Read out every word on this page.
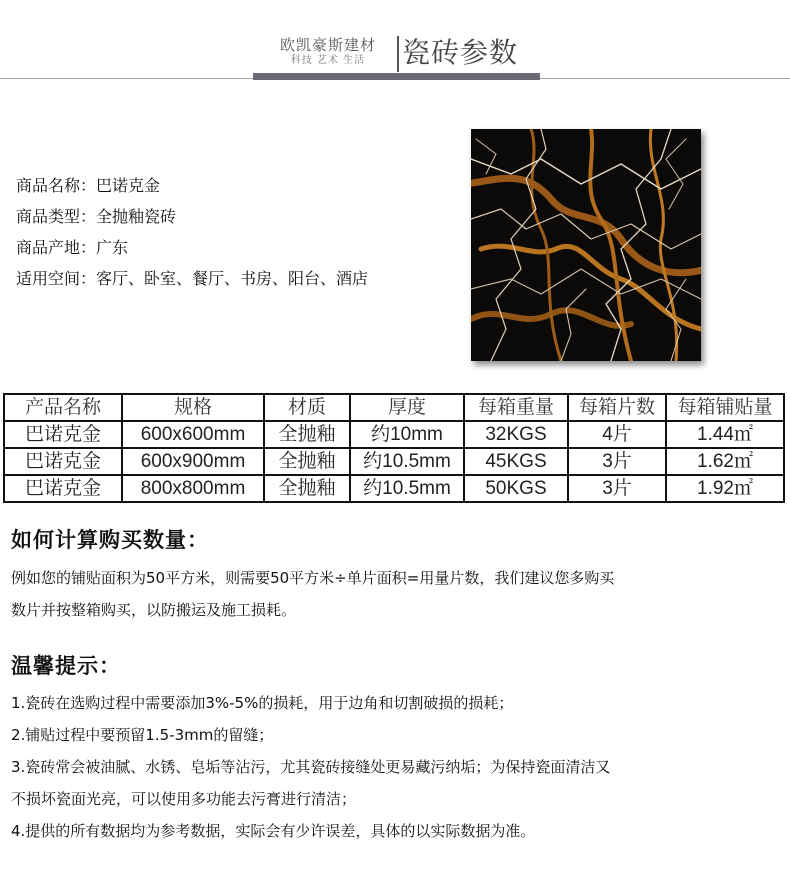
欧凯豪斯建材
科技 艺术 生活	瓷砖参数
商品名称：巴诺克金
商品类型：全抛釉瓷砖
商品产地：广东
适用空间：客厅、卧室、餐厅、书房、阳台、酒店
产品名称	规格	材质	厚度	每箱重量	每箱片数	每箱铺贴量
巴诺克金	600x600mm	全抛釉	约10mm	32KGS	4片	1.44㎡
巴诺克金	600x900mm	全抛釉	约10.5mm	45KGS	3片	1.62㎡
巴诺克金	800x800mm	全抛釉	约10.5mm	50KGS	3片	1.92㎡
如何计算购买数量：
例如您的铺贴面积为50平方米，则需要50平方米÷单片面积=用量片数，我们建议您多购买
数片并按整箱购买，以防搬运及施工损耗。
温馨提示：
1.瓷砖在选购过程中需要添加3%-5%的损耗，用于边角和切割破损的损耗；
2.铺贴过程中要预留1.5-3mm的留缝；
3.瓷砖常会被油腻、水锈、皂垢等沾污，尤其瓷砖接缝处更易藏污纳垢；为保持瓷面清洁又
不损坏瓷面光亮，可以使用多功能去污膏进行清洁；
4.提供的所有数据均为参考数据，实际会有少许误差，具体的以实际数据为准。
